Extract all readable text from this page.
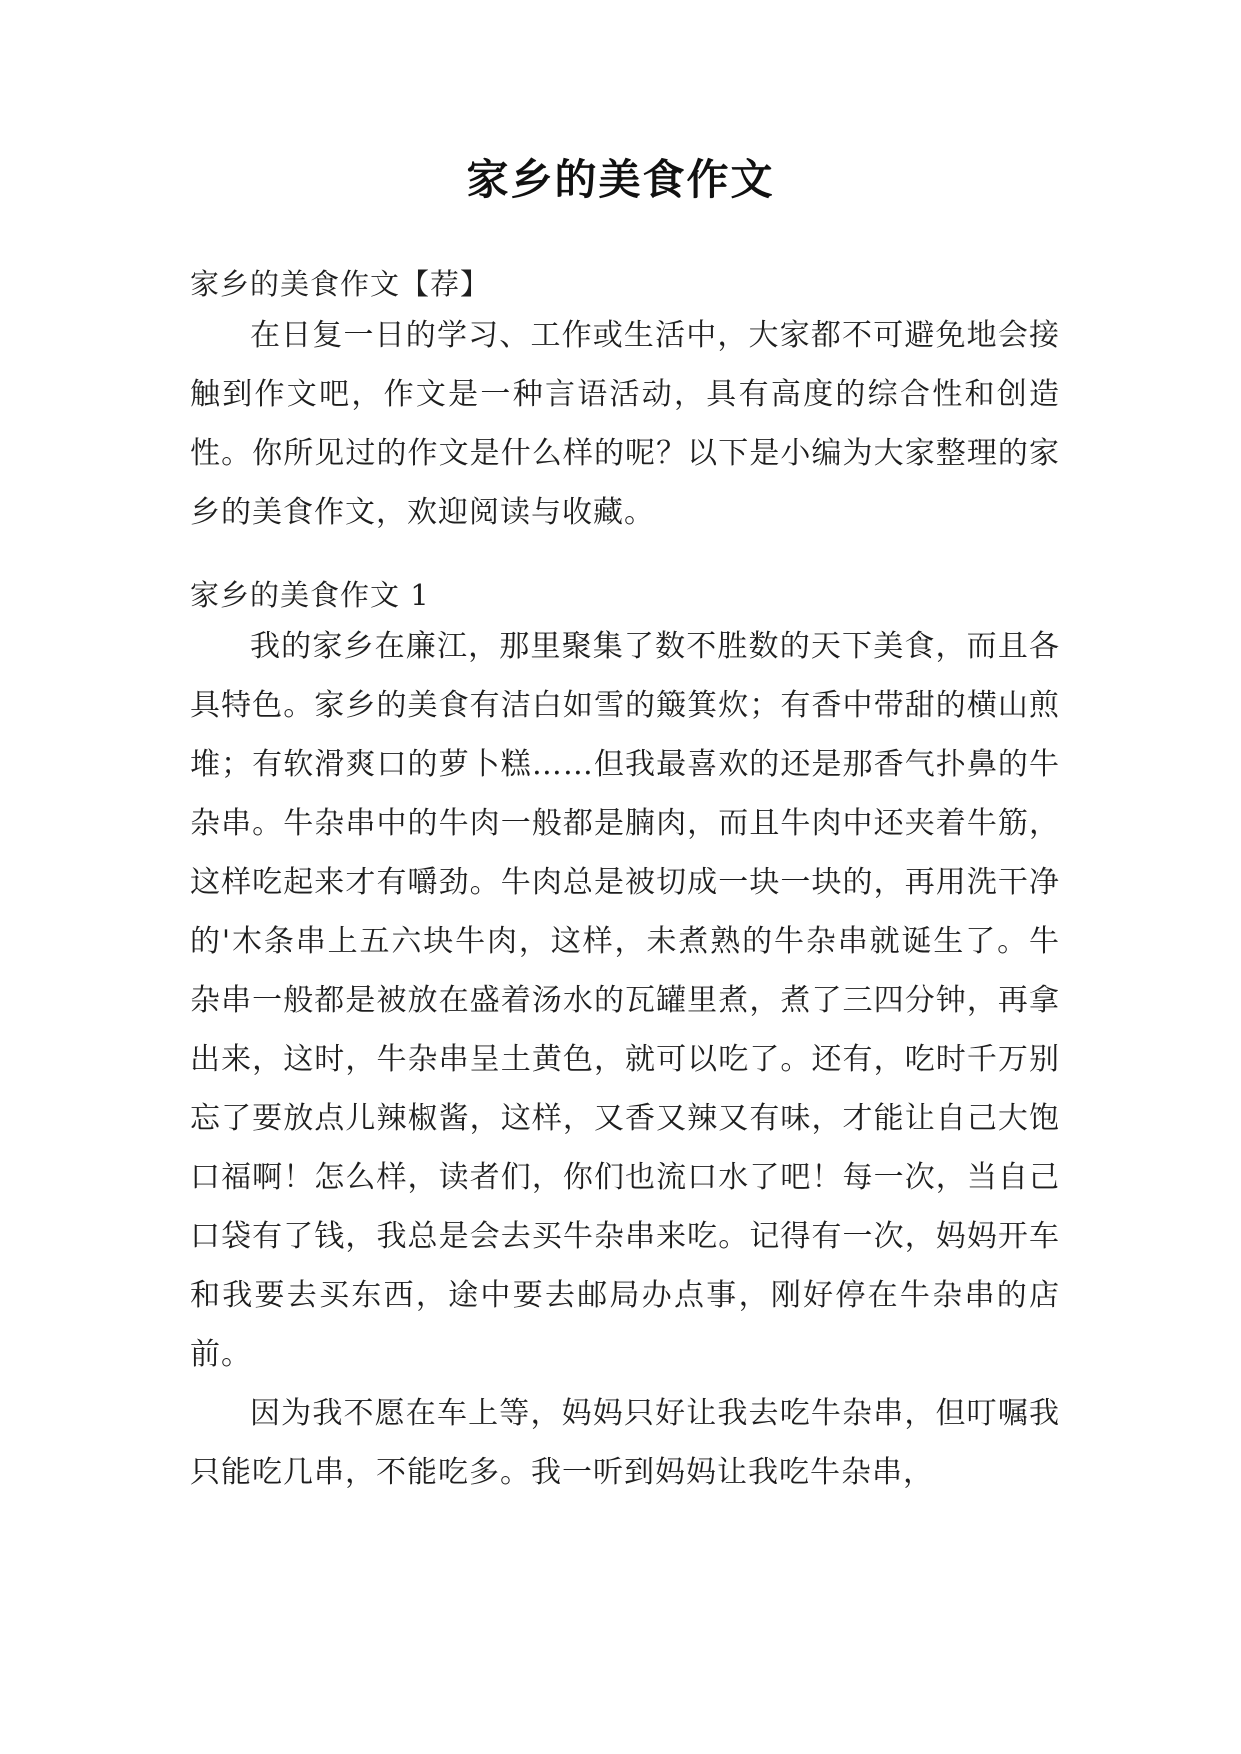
家乡的美食作文

家乡的美食作文【荐】

在日复一日的学习、工作或生活中，大家都不可避免地会接触到作文吧，作文是一种言语活动，具有高度的综合性和创造性。你所见过的作文是什么样的呢？以下是小编为大家整理的家乡的美食作文，欢迎阅读与收藏。

家乡的美食作文 1

我的家乡在廉江，那里聚集了数不胜数的天下美食，而且各具特色。家乡的美食有洁白如雪的簸箕炊；有香中带甜的横山煎堆；有软滑爽口的萝卜糕……但我最喜欢的还是那香气扑鼻的牛杂串。牛杂串中的牛肉一般都是腩肉，而且牛肉中还夹着牛筋，这样吃起来才有嚼劲。牛肉总是被切成一块一块的，再用洗干净的'木条串上五六块牛肉，这样，未煮熟的牛杂串就诞生了。牛杂串一般都是被放在盛着汤水的瓦罐里煮，煮了三四分钟，再拿出来，这时，牛杂串呈土黄色，就可以吃了。还有，吃时千万别忘了要放点儿辣椒酱，这样，又香又辣又有味，才能让自己大饱口福啊！怎么样，读者们，你们也流口水了吧！每一次，当自己口袋有了钱，我总是会去买牛杂串来吃。记得有一次，妈妈开车和我要去买东西，途中要去邮局办点事，刚好停在牛杂串的店前。

因为我不愿在车上等，妈妈只好让我去吃牛杂串，但叮嘱我只能吃几串，不能吃多。我一听到妈妈让我吃牛杂串，
